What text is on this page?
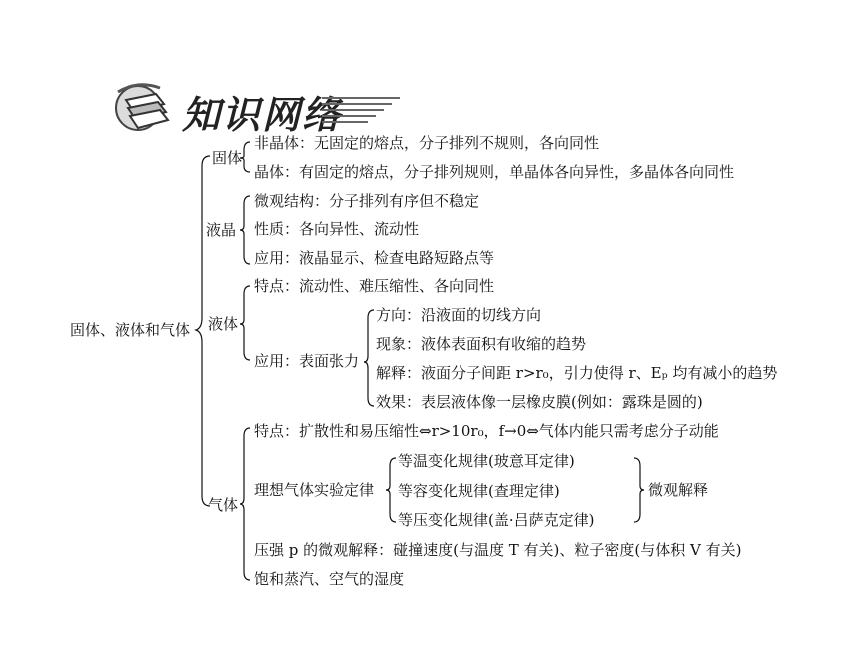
知识网络
固体、液体和气体
固体
非晶体：无固定的熔点，分子排列不规则，各向同性
晶体：有固定的熔点，分子排列规则，单晶体各向异性，多晶体各向同性
液晶
微观结构：分子排列有序但不稳定
性质：各向异性、流动性
应用：液晶显示、检查电路短路点等
液体
特点：流动性、难压缩性、各向同性
应用：表面张力
方向：沿液面的切线方向
现象：液体表面积有收缩的趋势
解释：液面分子间距 r>r₀，引力使得 r、Eₚ 均有减小的趋势
效果：表层液体像一层橡皮膜(例如：露珠是圆的)
气体
特点：扩散性和易压缩性⇔r>10r₀，f→0⇔气体内能只需考虑分子动能
理想气体实验定律
等温变化规律(玻意耳定律)
等容变化规律(查理定律)
等压变化规律(盖·吕萨克定律)
微观解释
压强 p 的微观解释：碰撞速度(与温度 T 有关)、粒子密度(与体积 V 有关)
饱和蒸汽、空气的湿度
